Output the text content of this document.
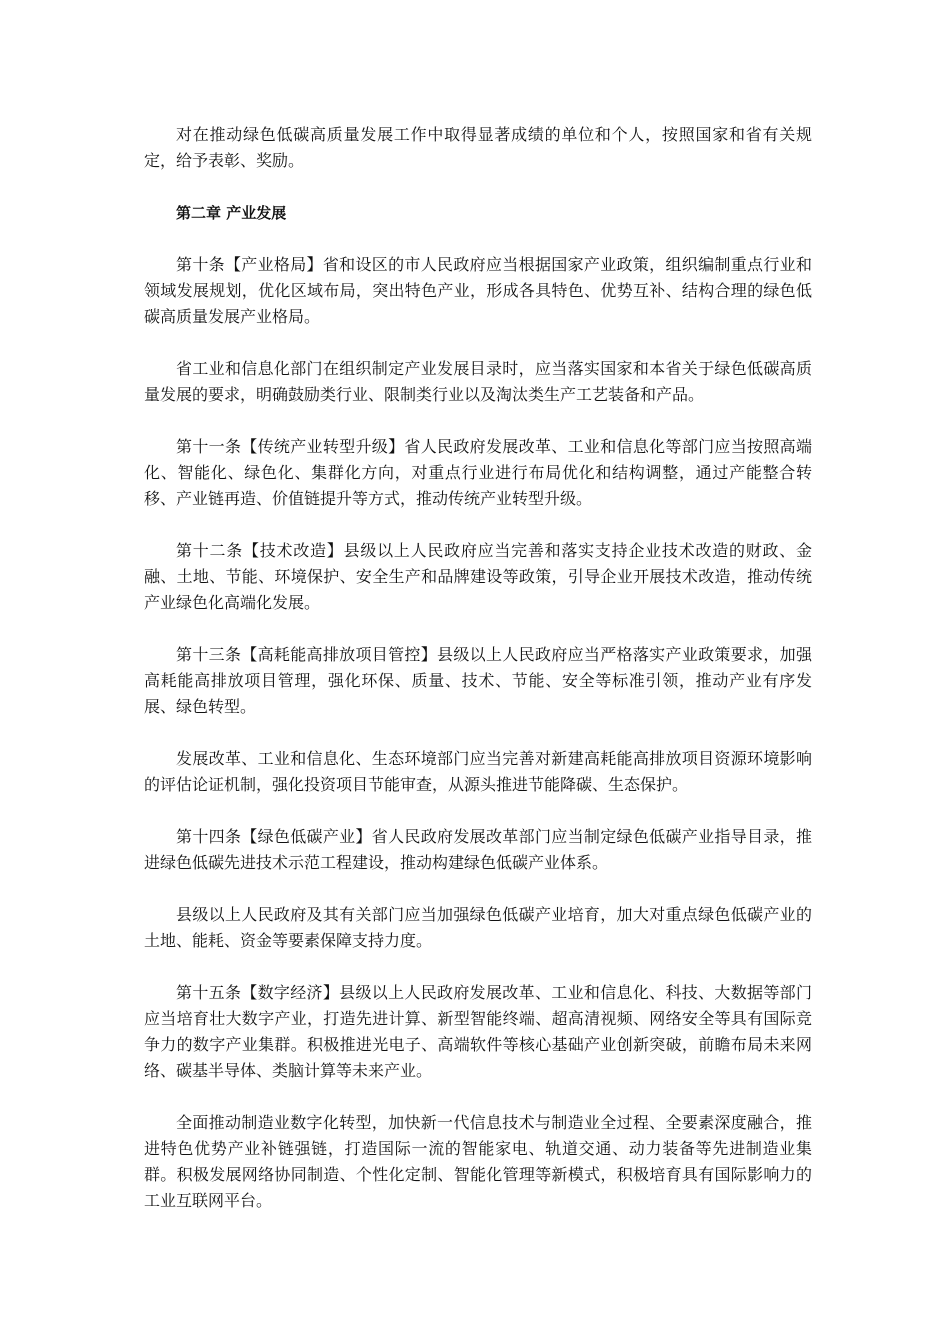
对在推动绿色低碳高质量发展工作中取得显著成绩的单位和个人，按照国家和省有关规定，给予表彰、奖励。

第二章 产业发展

第十条【产业格局】省和设区的市人民政府应当根据国家产业政策，组织编制重点行业和领域发展规划，优化区域布局，突出特色产业，形成各具特色、优势互补、结构合理的绿色低碳高质量发展产业格局。

省工业和信息化部门在组织制定产业发展目录时，应当落实国家和本省关于绿色低碳高质量发展的要求，明确鼓励类行业、限制类行业以及淘汰类生产工艺装备和产品。

第十一条【传统产业转型升级】省人民政府发展改革、工业和信息化等部门应当按照高端化、智能化、绿色化、集群化方向，对重点行业进行布局优化和结构调整，通过产能整合转移、产业链再造、价值链提升等方式，推动传统产业转型升级。

第十二条【技术改造】县级以上人民政府应当完善和落实支持企业技术改造的财政、金融、土地、节能、环境保护、安全生产和品牌建设等政策，引导企业开展技术改造，推动传统产业绿色化高端化发展。

第十三条【高耗能高排放项目管控】县级以上人民政府应当严格落实产业政策要求，加强高耗能高排放项目管理，强化环保、质量、技术、节能、安全等标准引领，推动产业有序发展、绿色转型。

发展改革、工业和信息化、生态环境部门应当完善对新建高耗能高排放项目资源环境影响的评估论证机制，强化投资项目节能审查，从源头推进节能降碳、生态保护。

第十四条【绿色低碳产业】省人民政府发展改革部门应当制定绿色低碳产业指导目录，推进绿色低碳先进技术示范工程建设，推动构建绿色低碳产业体系。

县级以上人民政府及其有关部门应当加强绿色低碳产业培育，加大对重点绿色低碳产业的土地、能耗、资金等要素保障支持力度。

第十五条【数字经济】县级以上人民政府发展改革、工业和信息化、科技、大数据等部门应当培育壮大数字产业，打造先进计算、新型智能终端、超高清视频、网络安全等具有国际竞争力的数字产业集群。积极推进光电子、高端软件等核心基础产业创新突破，前瞻布局未来网络、碳基半导体、类脑计算等未来产业。

全面推动制造业数字化转型，加快新一代信息技术与制造业全过程、全要素深度融合，推进特色优势产业补链强链，打造国际一流的智能家电、轨道交通、动力装备等先进制造业集群。积极发展网络协同制造、个性化定制、智能化管理等新模式，积极培育具有国际影响力的工业互联网平台。
